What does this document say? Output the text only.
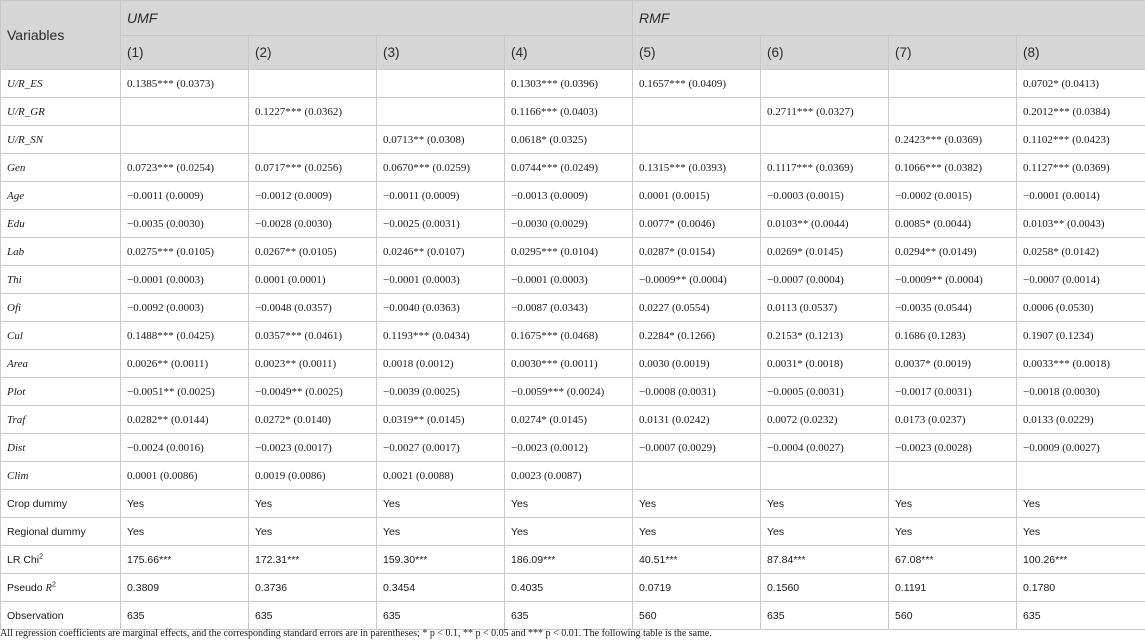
Variables	UMF				RMF			
	(1)	(2)	(3)	(4)	(5)	(6)	(7)	(8)
U/R_ES	0.1385*** (0.0373)			0.1303*** (0.0396)	0.1657*** (0.0409)			0.0702* (0.0413)
U/R_GR		0.1227*** (0.0362)		0.1166*** (0.0403)		0.2711*** (0.0327)		0.2012*** (0.0384)
U/R_SN			0.0713** (0.0308)	0.0618* (0.0325)			0.2423*** (0.0369)	0.1102*** (0.0423)
Gen	0.0723*** (0.0254)	0.0717*** (0.0256)	0.0670*** (0.0259)	0.0744*** (0.0249)	0.1315*** (0.0393)	0.1117*** (0.0369)	0.1066*** (0.0382)	0.1127*** (0.0369)
Age	−0.0011 (0.0009)	−0.0012 (0.0009)	−0.0011 (0.0009)	−0.0013 (0.0009)	0.0001 (0.0015)	−0.0003 (0.0015)	−0.0002 (0.0015)	−0.0001 (0.0014)
Edu	−0.0035 (0.0030)	−0.0028 (0.0030)	−0.0025 (0.0031)	−0.0030 (0.0029)	0.0077* (0.0046)	0.0103** (0.0044)	0.0085* (0.0044)	0.0103** (0.0043)
Lab	0.0275*** (0.0105)	0.0267** (0.0105)	0.0246** (0.0107)	0.0295*** (0.0104)	0.0287* (0.0154)	0.0269* (0.0145)	0.0294** (0.0149)	0.0258* (0.0142)
Thi	−0.0001 (0.0003)	0.0001 (0.0001)	−0.0001 (0.0003)	−0.0001 (0.0003)	−0.0009** (0.0004)	−0.0007 (0.0004)	−0.0009** (0.0004)	−0.0007 (0.0014)
Ofi	−0.0092 (0.0003)	−0.0048 (0.0357)	−0.0040 (0.0363)	−0.0087 (0.0343)	0.0227 (0.0554)	0.0113 (0.0537)	−0.0035 (0.0544)	0.0006 (0.0530)
Cul	0.1488*** (0.0425)	0.0357*** (0.0461)	0.1193*** (0.0434)	0.1675*** (0.0468)	0.2284* (0.1266)	0.2153* (0.1213)	0.1686 (0.1283)	0.1907 (0.1234)
Area	0.0026** (0.0011)	0.0023** (0.0011)	0.0018 (0.0012)	0.0030*** (0.0011)	0.0030 (0.0019)	0.0031* (0.0018)	0.0037* (0.0019)	0.0033*** (0.0018)
Plot	−0.0051** (0.0025)	−0.0049** (0.0025)	−0.0039 (0.0025)	−0.0059*** (0.0024)	−0.0008 (0.0031)	−0.0005 (0.0031)	−0.0017 (0.0031)	−0.0018 (0.0030)
Traf	0.0282** (0.0144)	0.0272* (0.0140)	0.0319** (0.0145)	0.0274* (0.0145)	0.0131 (0.0242)	0.0072 (0.0232)	0.0173 (0.0237)	0.0133 (0.0229)
Dist	−0.0024 (0.0016)	−0.0023 (0.0017)	−0.0027 (0.0017)	−0.0023 (0.0012)	−0.0007 (0.0029)	−0.0004 (0.0027)	−0.0023 (0.0028)	−0.0009 (0.0027)
Clim	0.0001 (0.0086)	0.0019 (0.0086)	0.0021 (0.0088)	0.0023 (0.0087)				
Crop dummy	Yes	Yes	Yes	Yes	Yes	Yes	Yes	Yes
Regional dummy	Yes	Yes	Yes	Yes	Yes	Yes	Yes	Yes
LR Chi$^2$	175.66***	172.31***	159.30***	186.09***	40.51***	87.84***	67.08***	100.26***
Pseudo $R^2$	0.3809	0.3736	0.3454	0.4035	0.0719	0.1560	0.1191	0.1780
Observation	635	635	635	635	560	635	560	635
All regression coefficients are marginal effects, and the corresponding standard errors are in parentheses; * p < 0.1, ** p < 0.05 and *** p < 0.01. The following table is the same.
